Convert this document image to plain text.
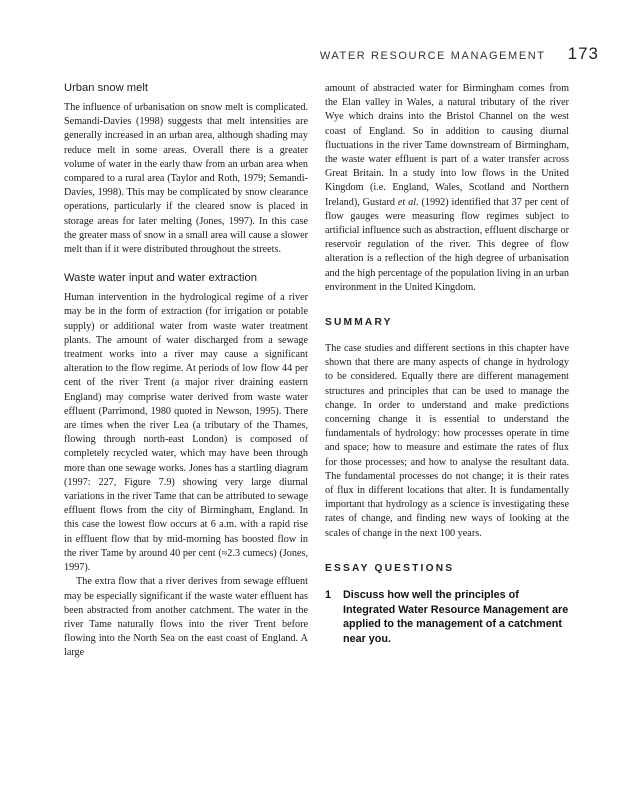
WATER RESOURCE MANAGEMENT 173
Urban snow melt

The influence of urbanisation on snow melt is complicated. Semandi-Davies (1998) suggests that melt intensities are generally increased in an urban area, although shading may reduce melt in some areas. Overall there is a greater volume of water in the early thaw from an urban area when compared to a rural area (Taylor and Roth, 1979; Semandi-Davies, 1998). This may be complicated by snow clearance operations, particularly if the cleared snow is placed in storage areas for later melting (Jones, 1997). In this case the greater mass of snow in a small area will cause a slower melt than if it were distributed throughout the streets.

Waste water input and water extraction

Human intervention in the hydrological regime of a river may be in the form of extraction (for irrigation or potable supply) or additional water from waste water treatment plants. The amount of water discharged from a sewage treatment works into a river may cause a significant alteration to the flow regime. At periods of low flow 44 per cent of the river Trent (a major river draining eastern England) may comprise water derived from waste water effluent (Parrimond, 1980 quoted in Newson, 1995). There are times when the river Lea (a tributary of the Thames, flowing through north-east London) is composed of completely recycled water, which may have been through more than one sewage works. Jones has a startling diagram (1997: 227, Figure 7.9) showing very large diurnal variations in the river Tame that can be attributed to sewage effluent flows from the city of Birmingham, England. In this case the lowest flow occurs at 6 a.m. with a rapid rise in effluent flow that by mid-morning has boosted flow in the river Tame by around 40 per cent (≈2.3 cumecs) (Jones, 1997).

The extra flow that a river derives from sewage effluent may be especially significant if the waste water effluent has been abstracted from another catchment. The water in the river Tame naturally flows into the river Trent before flowing into the North Sea on the east coast of England. A large

amount of abstracted water for Birmingham comes from the Elan valley in Wales, a natural tributary of the river Wye which drains into the Bristol Channel on the west coast of England. So in addition to causing diurnal fluctuations in the river Tame downstream of Birmingham, the waste water effluent is part of a water transfer across Great Britain. In a study into low flows in the United Kingdom (i.e. England, Wales, Scotland and Northern Ireland), Gustard et al. (1992) identified that 37 per cent of flow gauges were measuring flow regimes subject to artificial influence such as abstraction, effluent discharge or reservoir regulation of the river. This degree of flow alteration is a reflection of the high degree of urbanisation and the high percentage of the population living in an urban environment in the United Kingdom.

SUMMARY

The case studies and different sections in this chapter have shown that there are many aspects of change in hydrology to be considered. Equally there are different management structures and principles that can be used to manage the change. In order to understand and make predictions concerning change it is essential to understand the fundamentals of hydrology: how processes operate in time and space; how to measure and estimate the rates of flux for those processes; and how to analyse the resultant data. The fundamental processes do not change; it is their rates of flux in different locations that alter. It is fundamentally important that hydrology as a science is investigating these rates of change, and finding new ways of looking at the scales of change in the next 100 years.

ESSAY QUESTIONS
1	Discuss how well the principles of Integrated Water Resource Management are applied to the management of a catchment near you.
